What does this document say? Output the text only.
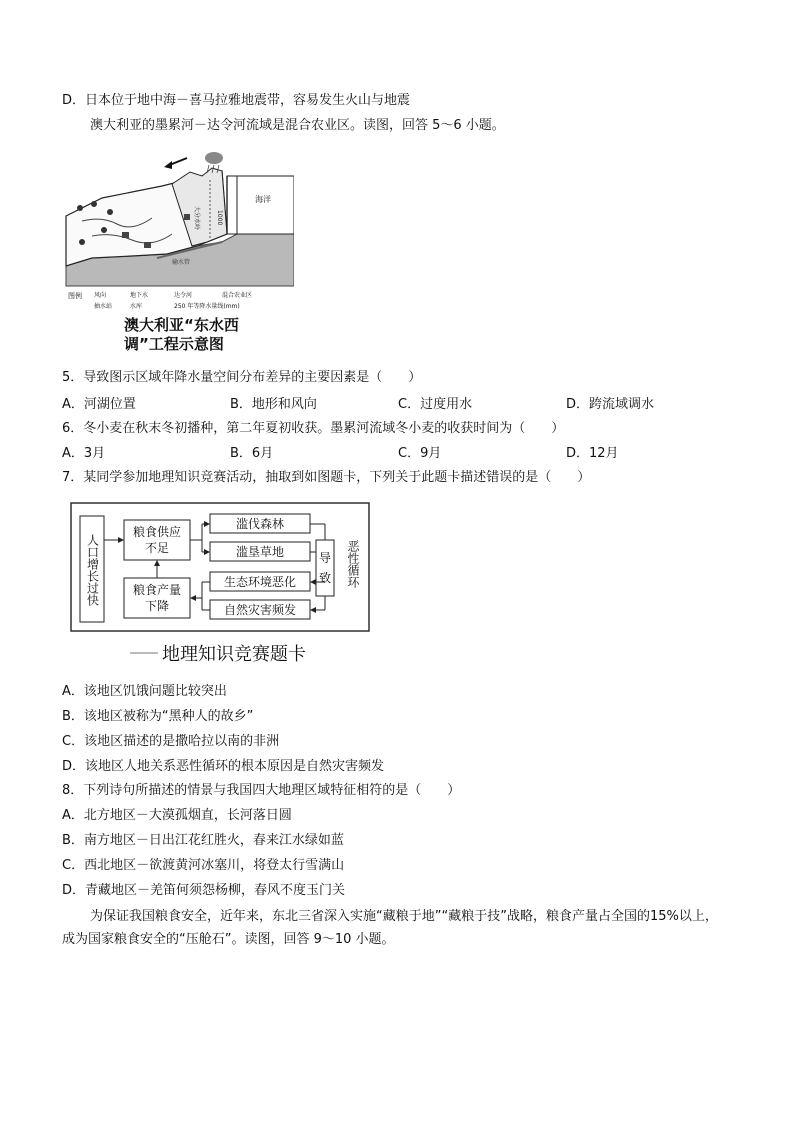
D．日本位于地中海－喜马拉雅地震带，容易发生火山与地震
澳大利亚的墨累河－达令河流域是混合农业区。读图，回答 5～6 小题。
海洋
1000
输水管
大分水岭
图例 风向	地下水	达令河	混合农业区
抽水站	水库	250 年等降水量线(mm)
澳大利亚“东水西
调”工程示意图
5．导致图示区域年降水量空间分布差异的主要因素是（　　）
A．河湖位置	B．地形和风向	C．过度用水	D．跨流域调水
6．冬小麦在秋末冬初播种，第二年夏初收获。墨累河流域冬小麦的收获时间为（　　）
A．3月	B．6月	C．9月	D．12月
7．某同学参加地理知识竞赛活动，抽取到如图题卡，下列关于此题卡描述错误的是（　　）
人口增长过快
粮食供应不足
粮食产量下降
滥伐森林
滥垦草地
生态环境恶化
自然灾害频发
导
致 恶性循环
地理知识竞赛题卡
A．该地区饥饿问题比较突出
B．该地区被称为“黑种人的故乡”
C．该地区描述的是撒哈拉以南的非洲
D．该地区人地关系恶性循环的根本原因是自然灾害频发
8．下列诗句所描述的情景与我国四大地理区域特征相符的是（　　）
A．北方地区－大漠孤烟直，长河落日圆
B．南方地区－日出江花红胜火，春来江水绿如蓝
C．西北地区－欲渡黄河冰塞川，将登太行雪满山
D．青藏地区－羌笛何须怨杨柳，春风不度玉门关
为保证我国粮食安全，近年来，东北三省深入实施“藏粮于地”“藏粮于技”战略，粮食产量占全国的15%以上，成为国家粮食安全的“压舱石”。读图，回答 9～10 小题。
